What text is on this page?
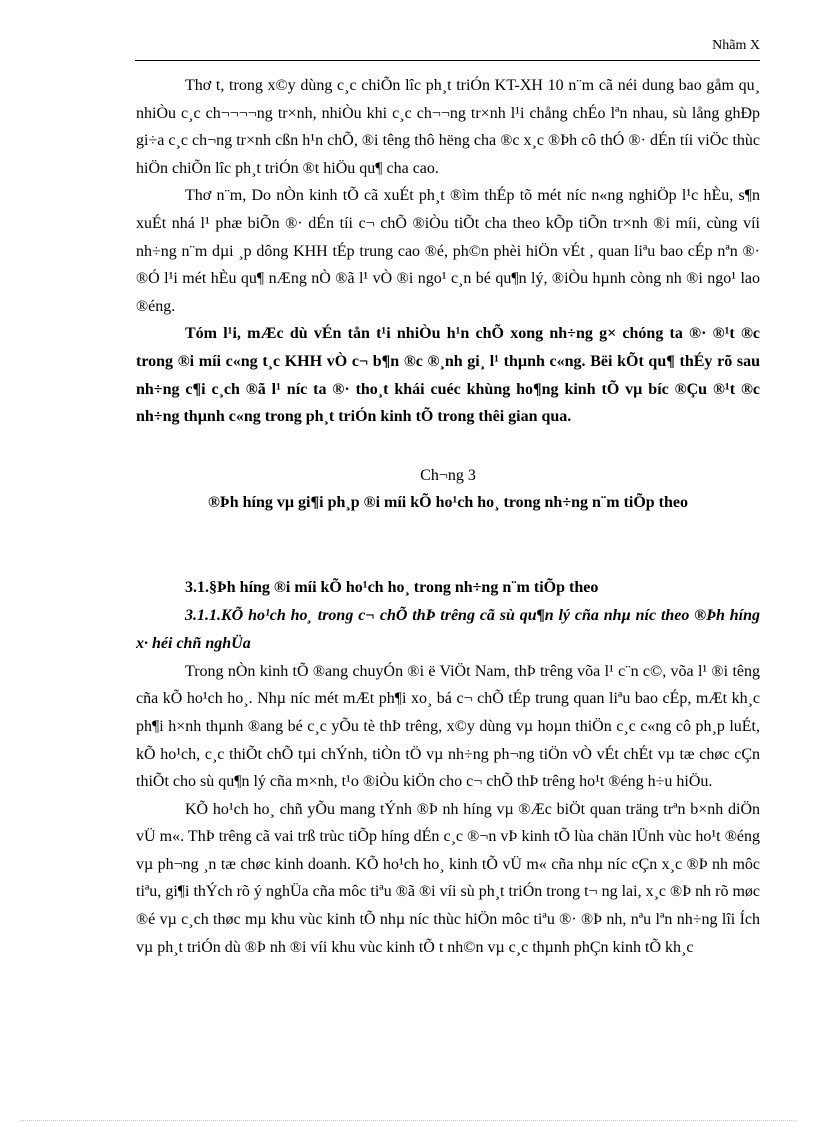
Nhãm X

Thơ t, trong x©y dùng c¸c chiÕn lîc ph¸t triÓn KT-XH 10 n¨m cã néi dung bao gåm qu¸ nhiÒu c¸c ch¬¬¬¬ng tr×nh, nhiÒu khi c¸c ch¬¬ng tr×nh l¹i chång chÉo lªn nhau, sù lång ghÐp gi÷a c¸c ch¬ng tr×nh cßn h¹n chÕ, ®i têng thô hëng cha ®c x¸c ®Þh cô thÓ ®· dÉn tíi viÖc thùc hiÖn chiÕn lîc ph¸t triÓn ®t hiÖu qu¶ cha cao.

Thơ n¨m, Do nÒn kinh tÕ cã xuÉt ph¸t ®ìm thÉp tõ mét níc n«ng nghiÖp l¹c hÈu, s¶n xuÉt nhá l¹ phæ biÕn ®· dÉn tíi c¬ chÕ ®iÒu tiÕt cha theo kÕp tiÕn tr×nh ®i míi, cùng víi nh÷ng n¨m dµi ¸p dông KHH tÉp trung cao ®é, ph©n phèi hiÖn vÉt , quan liªu bao cÉp nªn ®· ®Ó l¹i mét hÈu qu¶ nÆng nÒ ®ã l¹ vÒ ®i ngo¹ c¸n bé qu¶n lý, ®iÒu hµnh còng nh ®i ngo¹ lao ®éng.

Tóm l¹i, mÆc dù vÉn tån t¹i nhiÒu h¹n chÕ xong nh÷ng g× chóng ta ®· ®¹t ®c trong ®i míi c«ng t¸c KHH vÒ c¬ b¶n ®c ®¸nh gi¸ l¹ thµnh c«ng. Bëi kÕt qu¶ thÉy rõ sau nh÷ng c¶i c¸ch ®ã l¹ níc ta ®· tho¸t khái cuéc khùng ho¶ng kinh tÕ vµ bíc ®Çu ®¹t ®c nh÷ng thµnh c«ng trong ph¸t triÓn kinh tÕ trong thêi gian qua.

Ch¬ng 3
®Þh híng vµ gi¶i ph¸p ®i míi kÕ ho¹ch ho¸ trong nh÷ng n¨m tiÕp theo
3.1.§Þh híng ®i míi kÕ ho¹ch ho¸ trong nh÷ng n¨m tiÕp theo
3.1.1.KÕ ho¹ch ho¸ trong c¬ chÕ thÞ trêng cã sù qu¶n lý cña nhµ níc theo ®Þh híng x· héi chñ nghÜa

Trong nÒn kinh tÕ ®ang chuyÓn ®i ë ViÖt Nam, thÞ trêng võa l¹ c¨n c©, võa l¹ ®i têng cña kÕ ho¹ch ho¸. Nhµ níc mét mÆt ph¶i xo¸ bá c¬ chÕ tÉp trung quan liªu bao cÉp, mÆt kh¸c ph¶i h×nh thµnh ®ang bé c¸c yÕu tè thÞ trêng, x©y dùng vµ hoµn thiÖn c¸c c«ng cô ph¸p luÉt, kÕ ho¹ch, c¸c thiÕt chÕ tµi chÝnh, tiÒn tÖ vµ nh÷ng ph¬ng tiÖn vÒ vÉt chÉt vµ tæ chøc cÇn thiÕt cho sù qu¶n lý cña m×nh, t¹o ®iÒu kiÖn cho c¬ chÕ thÞ trêng ho¹t ®éng h÷u hiÖu.

KÕ ho¹ch ho¸ chñ yÕu mang tÝnh ®Þ nh híng vµ ®Æc biÖt quan träng trªn b×nh diÖn vÜ m«. ThÞ trêng cã vai trß trùc tiÕp híng dÉn c¸c ®¬n vÞ kinh tÕ lùa chän lÜnh vùc ho¹t ®éng vµ ph¬ng ¸n tæ chøc kinh doanh. KÕ ho¹ch ho¸ kinh tÕ vÜ m« cña nhµ níc cÇn x¸c ®Þ nh môc tiªu, gi¶i thÝch rõ ý nghÜa cña môc tiªu ®ã ®i víi sù ph¸t triÓn trong t¬ ng lai, x¸c ®Þ nh rõ møc ®é vµ c¸ch thøc mµ khu vùc kinh tÕ nhµ níc thùc hiÖn môc tiªu ®· ®Þ nh, nªu lªn nh÷ng lîi Ích vµ ph¸t triÓn dù ®Þ nh ®i víi khu vùc kinh tÕ t nh©n vµ c¸c thµnh phÇn kinh tÕ kh¸c
